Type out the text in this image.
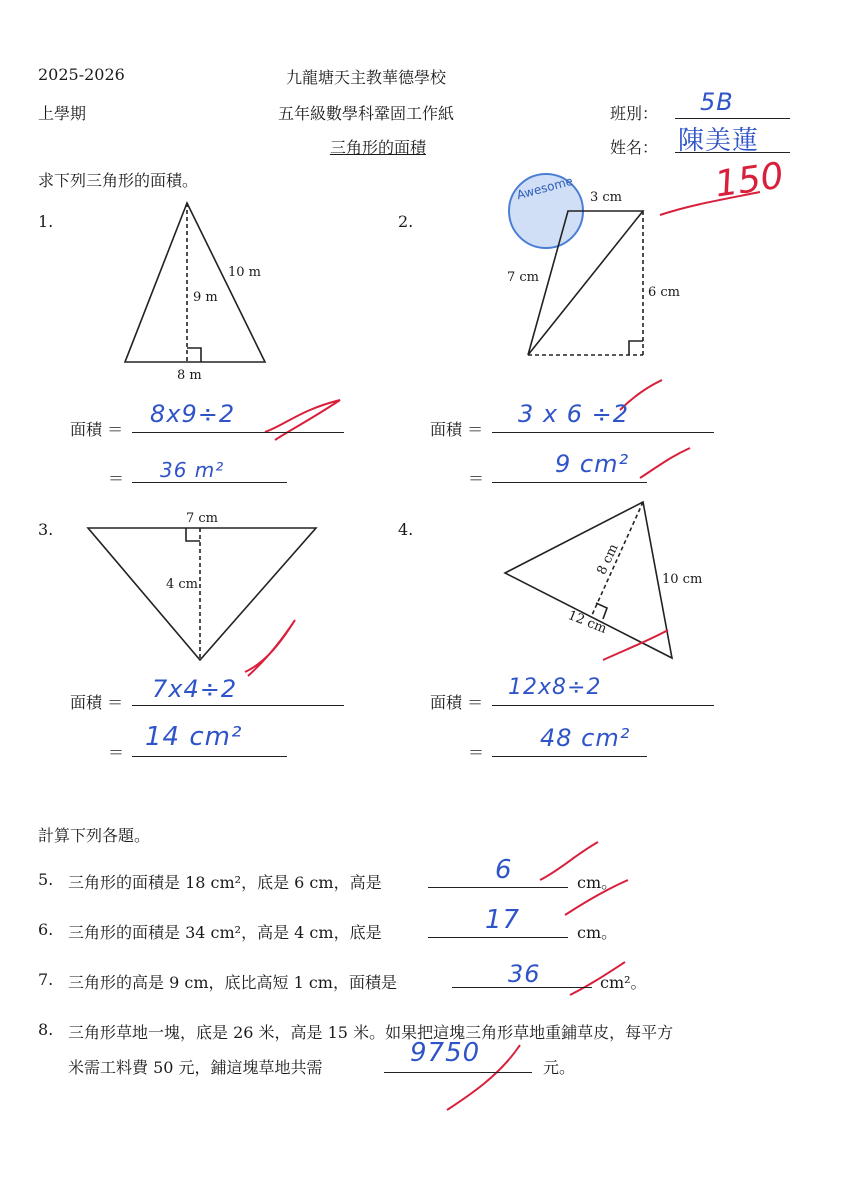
2025-2026
上學期
九龍塘天主教華德學校
五年級數學科鞏固工作紙
三角形的面積
班別： 5B
姓名： 陳美蓮
150
Awesome
求下列三角形的面積。
1.	2.
3.	4.
10 m
9 m
8 m
3 cm
7 cm
6 cm
7 cm
4 cm
8 cm
10 cm
12 cm
面積 ＝
8x9÷2
＝ 36 m²
面積 ＝
3 x 6 ÷2
＝
9 cm²
面積 ＝ 7x4÷2
＝
14 cm²
面積 ＝
12x8÷2
＝
48 cm²
計算下列各題。
5. 三角形的面積是 18 cm²，底是 6 cm，高是	6	cm。
6. 三角形的面積是 34 cm²，高是 4 cm，底是	17	cm。
7. 三角形的高是 9 cm，底比高短 1 cm，面積是	36	cm²。
8. 三角形草地一塊，底是 26 米，高是 15 米。如果把這塊三角形草地重鋪草皮，每平方
米需工料費 50 元，鋪這塊草地共需	9750	元。
